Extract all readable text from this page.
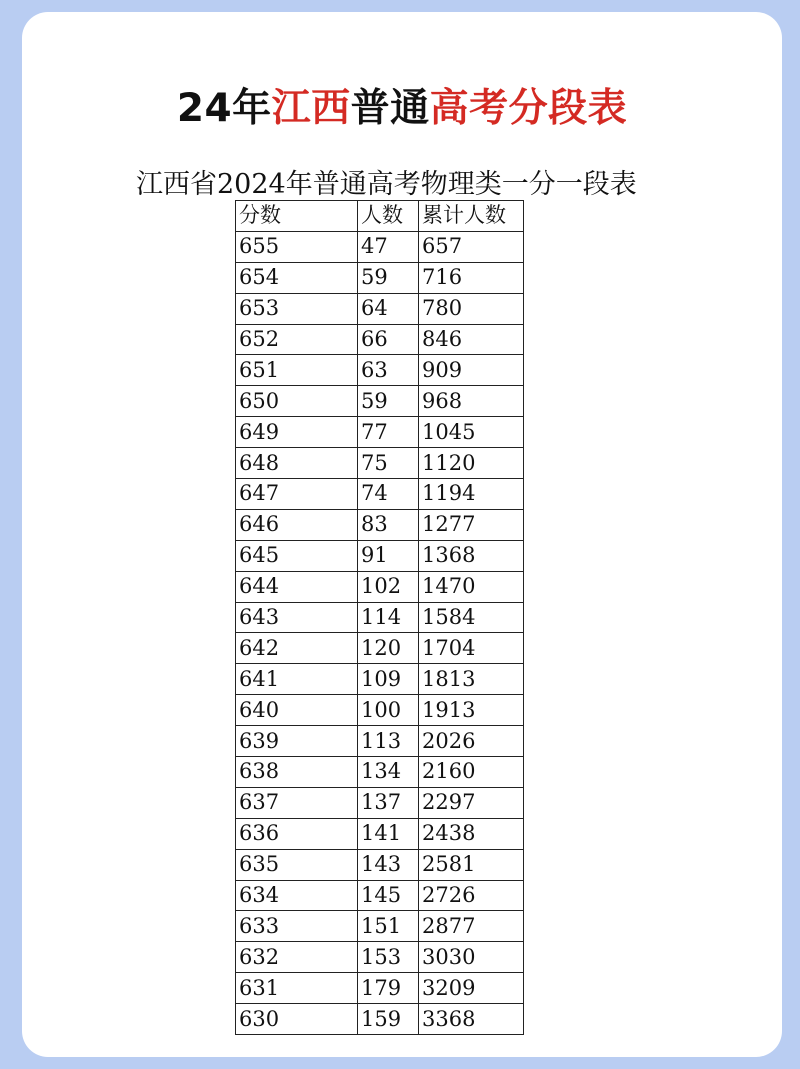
24年江西普通高考分段表
江西省2024年普通高考物理类一分一段表
分数	人数	累计人数
655	47	657
654	59	716
653	64	780
652	66	846
651	63	909
650	59	968
649	77	1045
648	75	1120
647	74	1194
646	83	1277
645	91	1368
644	102	1470
643	114	1584
642	120	1704
641	109	1813
640	100	1913
639	113	2026
638	134	2160
637	137	2297
636	141	2438
635	143	2581
634	145	2726
633	151	2877
632	153	3030
631	179	3209
630	159	3368
